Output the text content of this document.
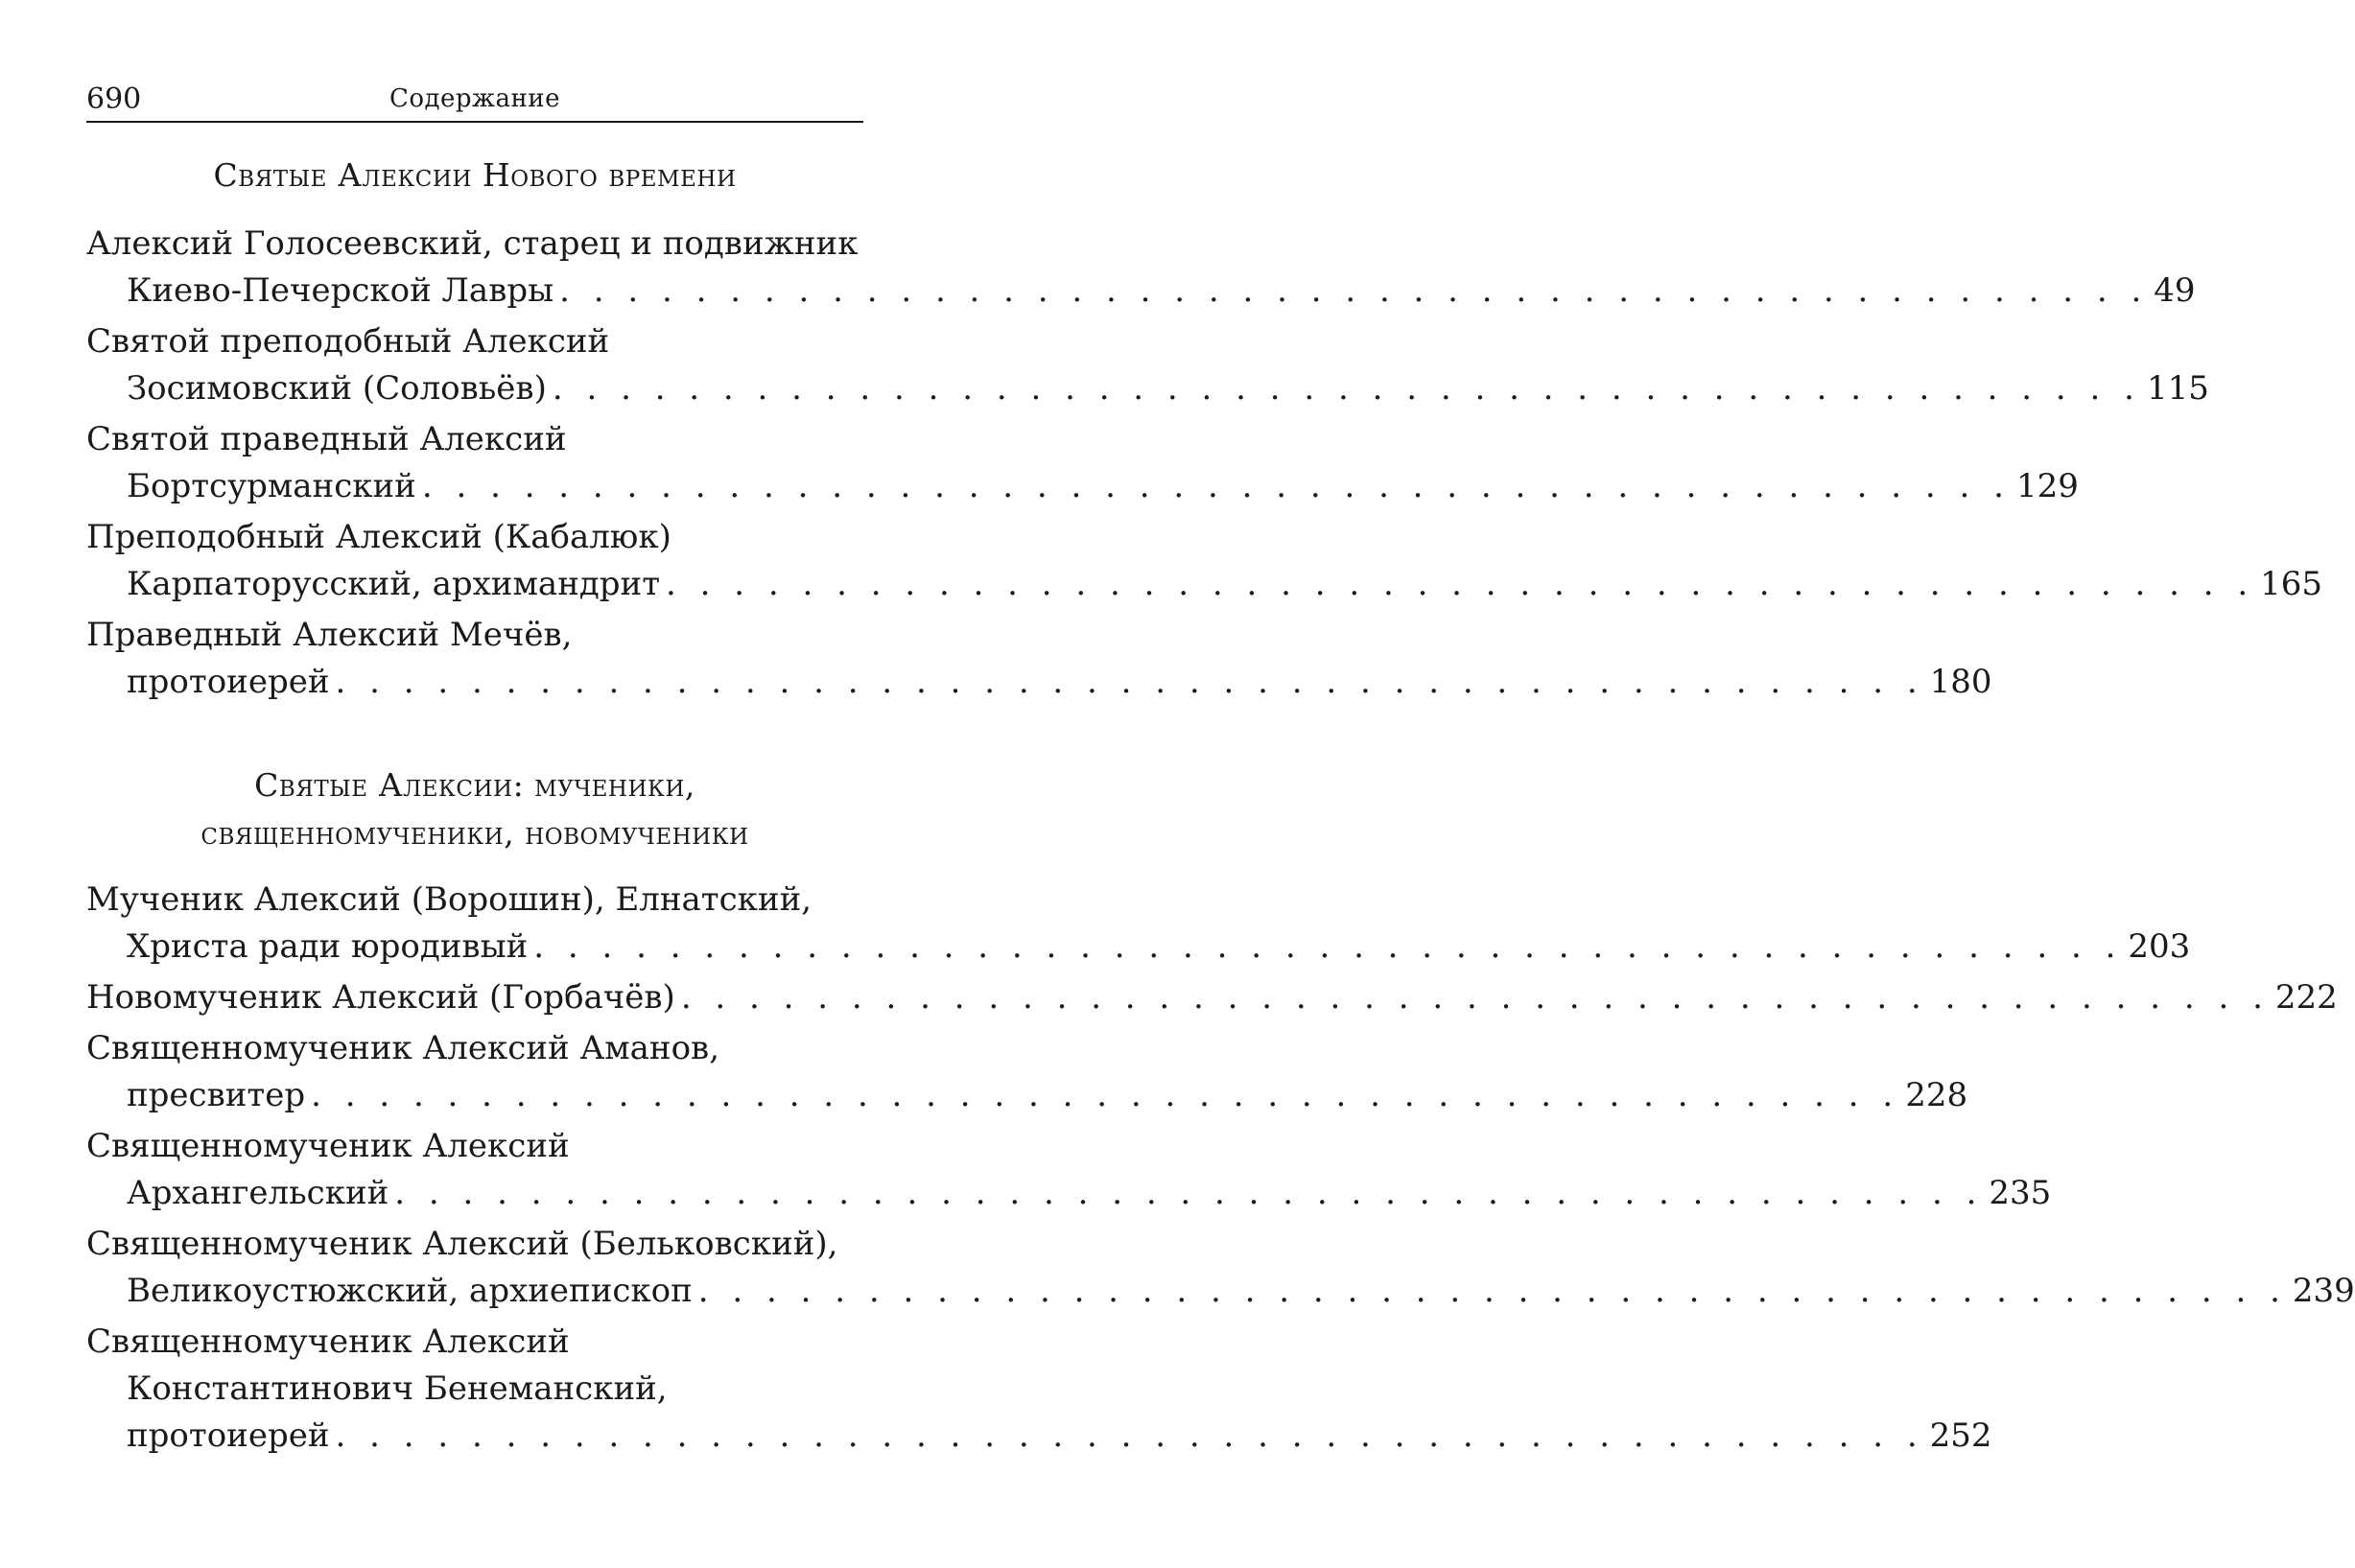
690	Содержание
Святые Алексии Нового времени
Алексий Голосеевский, старец и подвижник
Киево-Печерской Лавры . . . . . . . . . . . . . . . . . . . . . . . . . . . . . . . . . . . . . . . . . . . . . . . 49
Святой преподобный Алексий
Зосимовский (Соловьёв) . . . . . . . . . . . . . . . . . . . . . . . . . . . . . . . . . . . . . . . . . . . . . . . 115
Святой праведный Алексий
Бортсурманский . . . . . . . . . . . . . . . . . . . . . . . . . . . . . . . . . . . . . . . . . . . . . . . 129
Преподобный Алексий (Кабалюк)
Карпаторусский, архимандрит . . . . . . . . . . . . . . . . . . . . . . . . . . . . . . . . . . . . . . . . . . . . . . . 165
Праведный Алексий Мечёв,
протоиерей . . . . . . . . . . . . . . . . . . . . . . . . . . . . . . . . . . . . . . . . . . . . . . . 180
Святые Алексии: мученики,
священномученики, новомученики
Мученик Алексий (Ворошин), Елнатский,
Христа ради юродивый . . . . . . . . . . . . . . . . . . . . . . . . . . . . . . . . . . . . . . . . . . . . . . . 203
Новомученик Алексий (Горбачёв) . . . . . . . . . . . . . . . . . . . . . . . . . . . . . . . . . . . . . . . . . . . . . . . 222
Священномученик Алексий Аманов,
пресвитер . . . . . . . . . . . . . . . . . . . . . . . . . . . . . . . . . . . . . . . . . . . . . . . 228
Священномученик Алексий
Архангельский . . . . . . . . . . . . . . . . . . . . . . . . . . . . . . . . . . . . . . . . . . . . . . . 235
Священномученик Алексий (Бельковский),
Великоустюжский, архиепископ . . . . . . . . . . . . . . . . . . . . . . . . . . . . . . . . . . . . . . . . . . . . . . . 239
Священномученик Алексий
Константинович Бенеманский,
протоиерей . . . . . . . . . . . . . . . . . . . . . . . . . . . . . . . . . . . . . . . . . . . . . . . 252
